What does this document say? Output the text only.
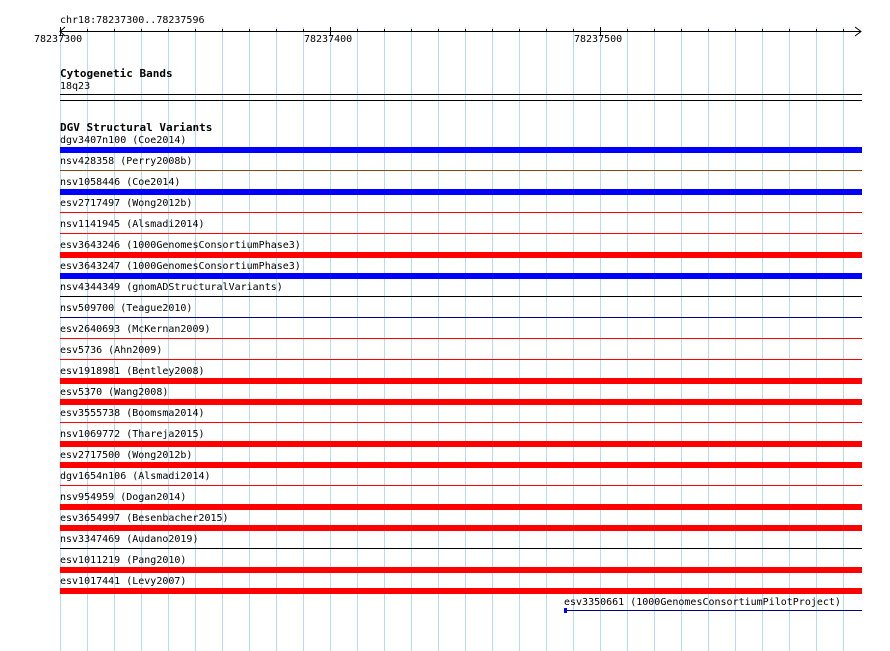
chr18:78237300..78237596
78237300	78237400	78237500
Cytogenetic Bands
18q23
DGV Structural Variants
dgv3407n100 (Coe2014)
nsv428358 (Perry2008b)
nsv1058446 (Coe2014)
esv2717497 (Wong2012b)
nsv1141945 (Alsmadi2014)
esv3643246 (1000GenomesConsortiumPhase3)
esv3643247 (1000GenomesConsortiumPhase3)
nsv4344349 (gnomADStructuralVariants)
nsv509700 (Teague2010)
esv2640693 (McKernan2009)
esv5736 (Ahn2009)
esv1918981 (Bentley2008)
esv5370 (Wang2008)
esv3555738 (Boomsma2014)
nsv1069772 (Thareja2015)
esv2717500 (Wong2012b)
dgv1654n106 (Alsmadi2014)
nsv954959 (Dogan2014)
esv3654997 (Besenbacher2015)
nsv3347469 (Audano2019)
esv1011219 (Pang2010)
esv1017441 (Levy2007)
esv3350661 (1000GenomesConsortiumPilotProject)
